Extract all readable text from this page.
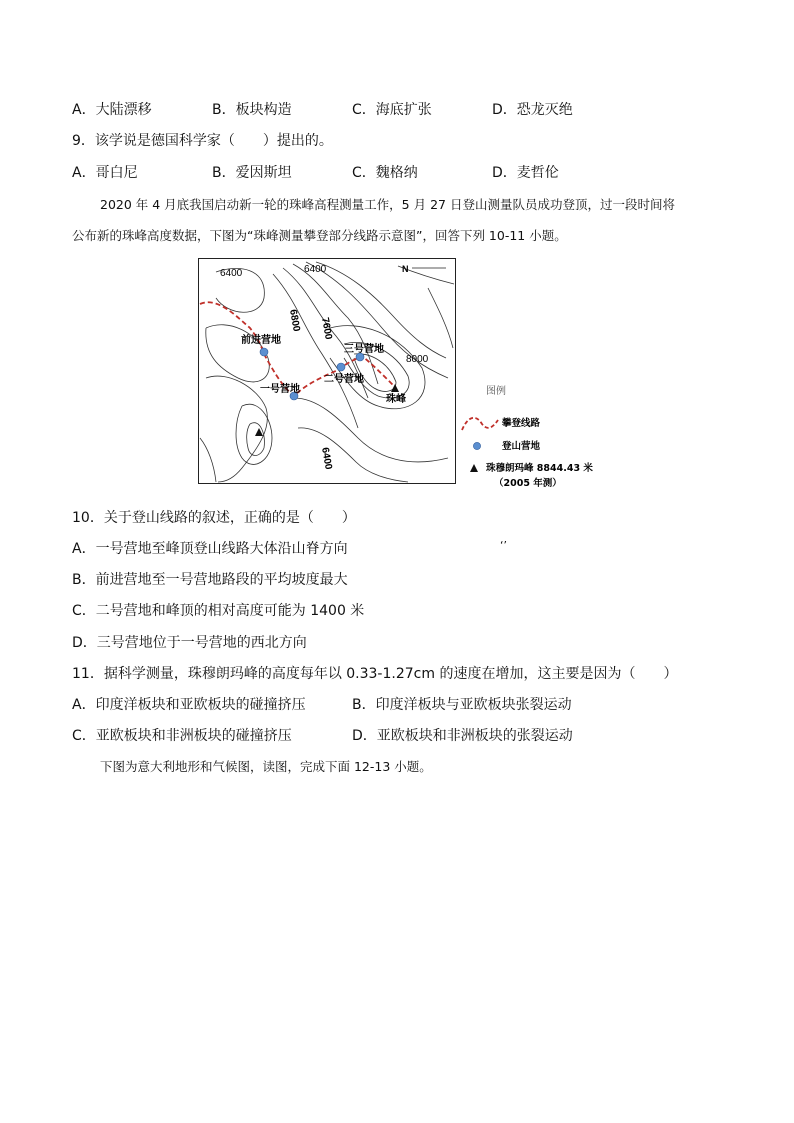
A．大陆漂移	B．板块构造	C．海底扩张	D．恐龙灭绝
9．该学说是德国科学家（　　）提出的。
A．哥白尼	B．爱因斯坦	C．魏格纳	D．麦哲伦
2020 年 4 月底我国启动新一轮的珠峰高程测量工作，5 月 27 日登山测量队员成功登顶，过一段时间将
公布新的珠峰高度数据，下图为“珠峰测量攀登部分线路示意图”，回答下列 10-11 小题。
N
6400	6400
6800 7600
8000
6400
前进营地
一号营地
二号营地
三号营地
珠峰
图例
攀登线路
登山营地
珠穆朗玛峰 8844.43 米
（2005 年测）
10．关于登山线路的叙述，正确的是（　　）
‘’
A．一号营地至峰顶登山线路大体沿山脊方向
B．前进营地至一号营地路段的平均坡度最大
C．二号营地和峰顶的相对高度可能为 1400 米
D．三号营地位于一号营地的西北方向
11．据科学测量，珠穆朗玛峰的高度每年以 0.33-1.27cm 的速度在增加，这主要是因为（　　）
A．印度洋板块和亚欧板块的碰撞挤压	B．印度洋板块与亚欧板块张裂运动
C．亚欧板块和非洲板块的碰撞挤压	D．亚欧板块和非洲板块的张裂运动
下图为意大利地形和气候图，读图，完成下面 12-13 小题。
